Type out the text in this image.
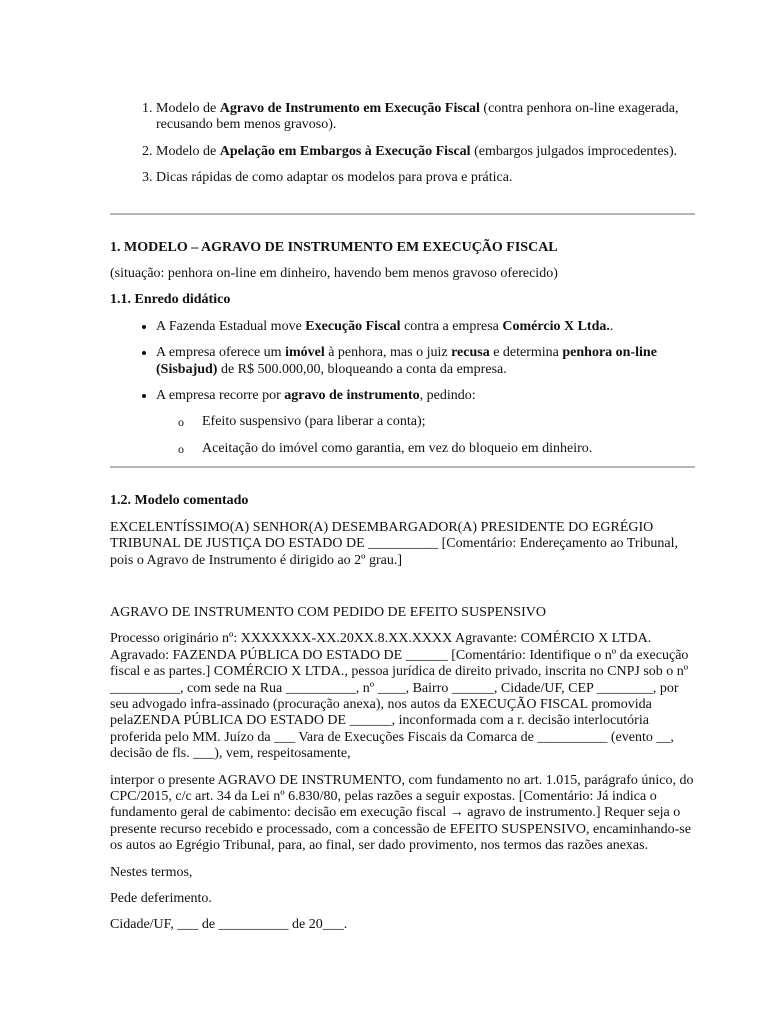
1. Modelo de Agravo de Instrumento em Execução Fiscal (contra penhora on-line exagerada, recusando bem menos gravoso).
2. Modelo de Apelação em Embargos à Execução Fiscal (embargos julgados improcedentes).
3. Dicas rápidas de como adaptar os modelos para prova e prática.

1. MODELO – AGRAVO DE INSTRUMENTO EM EXECUÇÃO FISCAL

(situação: penhora on-line em dinheiro, havendo bem menos gravoso oferecido)

1.1. Enredo didático

• A Fazenda Estadual move Execução Fiscal contra a empresa Comércio X Ltda..
• A empresa oferece um imóvel à penhora, mas o juiz recusa e determina penhora on-line (Sisbajud) de R$ 500.000,00, bloqueando a conta da empresa.
• A empresa recorre por agravo de instrumento, pedindo:
o Efeito suspensivo (para liberar a conta);
o Aceitação do imóvel como garantia, em vez do bloqueio em dinheiro.

1.2. Modelo comentado

EXCELENTÍSSIMO(A) SENHOR(A) DESEMBARGADOR(A) PRESIDENTE DO EGRÉGIO TRIBUNAL DE JUSTIÇA DO ESTADO DE __________ [Comentário: Endereçamento ao Tribunal, pois o Agravo de Instrumento é dirigido ao 2º grau.]

AGRAVO DE INSTRUMENTO COM PEDIDO DE EFEITO SUSPENSIVO

Processo originário nº: XXXXXXX-XX.20XX.8.XX.XXXX Agravante: COMÉRCIO X LTDA. Agravado: FAZENDA PÚBLICA DO ESTADO DE ______ [Comentário: Identifique o nº da execução fiscal e as partes.] COMÉRCIO X LTDA., pessoa jurídica de direito privado, inscrita no CNPJ sob o nº __________, com sede na Rua __________, nº ____, Bairro ______, Cidade/UF, CEP ________, por seu advogado infra-assinado (procuração anexa), nos autos da EXECUÇÃO FISCAL promovida pelaZENDA PÚBLICA DO ESTADO DE ______, inconformada com a r. decisão interlocutória proferida pelo MM. Juízo da ___ Vara de Execuções Fiscais da Comarca de __________ (evento __, decisão de fls. ___), vem, respeitosamente,

interpor o presente AGRAVO DE INSTRUMENTO, com fundamento no art. 1.015, parágrafo único, do CPC/2015, c/c art. 34 da Lei nº 6.830/80, pelas razões a seguir expostas. [Comentário: Já indica o fundamento geral de cabimento: decisão em execução fiscal → agravo de instrumento.] Requer seja o presente recurso recebido e processado, com a concessão de EFEITO SUSPENSIVO, encaminhando-se os autos ao Egrégio Tribunal, para, ao final, ser dado provimento, nos termos das razões anexas.

Nestes termos,

Pede deferimento.

Cidade/UF, ___ de __________ de 20___.
